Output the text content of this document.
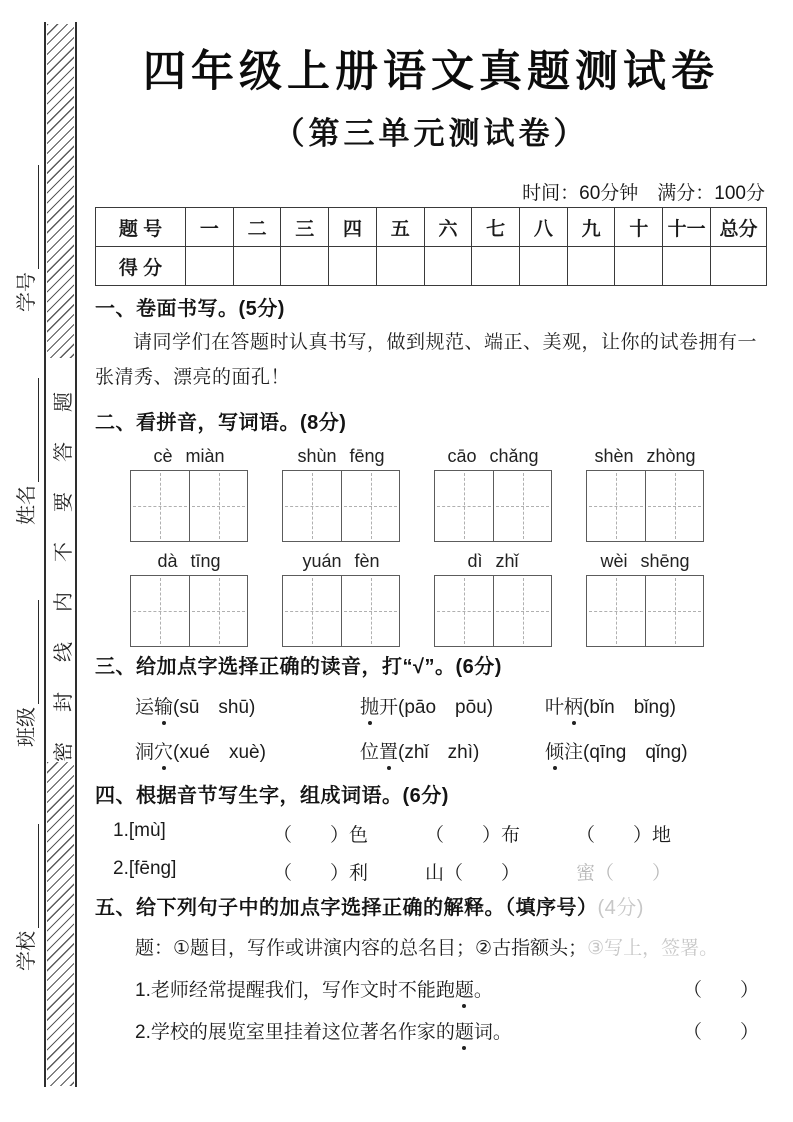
学号
姓名
班级
学校
密封线内不要答题
四年级上册语文真题测试卷
（第三单元测试卷）
时间：60分钟　满分：100分
题 号	一	二	三	四	五	六	七	八	九	十	十一	总分
得 分												
一、卷面书写。(5分)
请同学们在答题时认真书写，做到规范、端正、美观，让你的试卷拥有一张清秀、漂亮的面孔！
二、看拼音，写词语。(8分)
cè miàn	shùn fēng	cāo chǎng	shèn zhòng
dà tīng	yuán fèn	dì zhǐ	wèi shēng
三、给加点字选择正确的读音，打“√”。(6分)
运输(sū　shū)	抛开(pāo　pōu)	叶柄(bǐn　bǐng)
洞穴(xué　xuè)	位置(zhǐ　zhì)	倾注(qīng　qǐng)
四、根据音节写生字，组成词语。(6分)
1.[mù]	（　　）色	（　　）布	（　　）地
2.[fēng]	（　　）利	山（　　）	蜜（　　）
五、给下列句子中的加点字选择正确的解释。（填序号）(4分)
题：①题目，写作或讲演内容的总名目；②古指额头；③写上，签署。
1.老师经常提醒我们，写作文时不能跑题。	（　　）
2.学校的展览室里挂着这位著名作家的题词。	（　　）
